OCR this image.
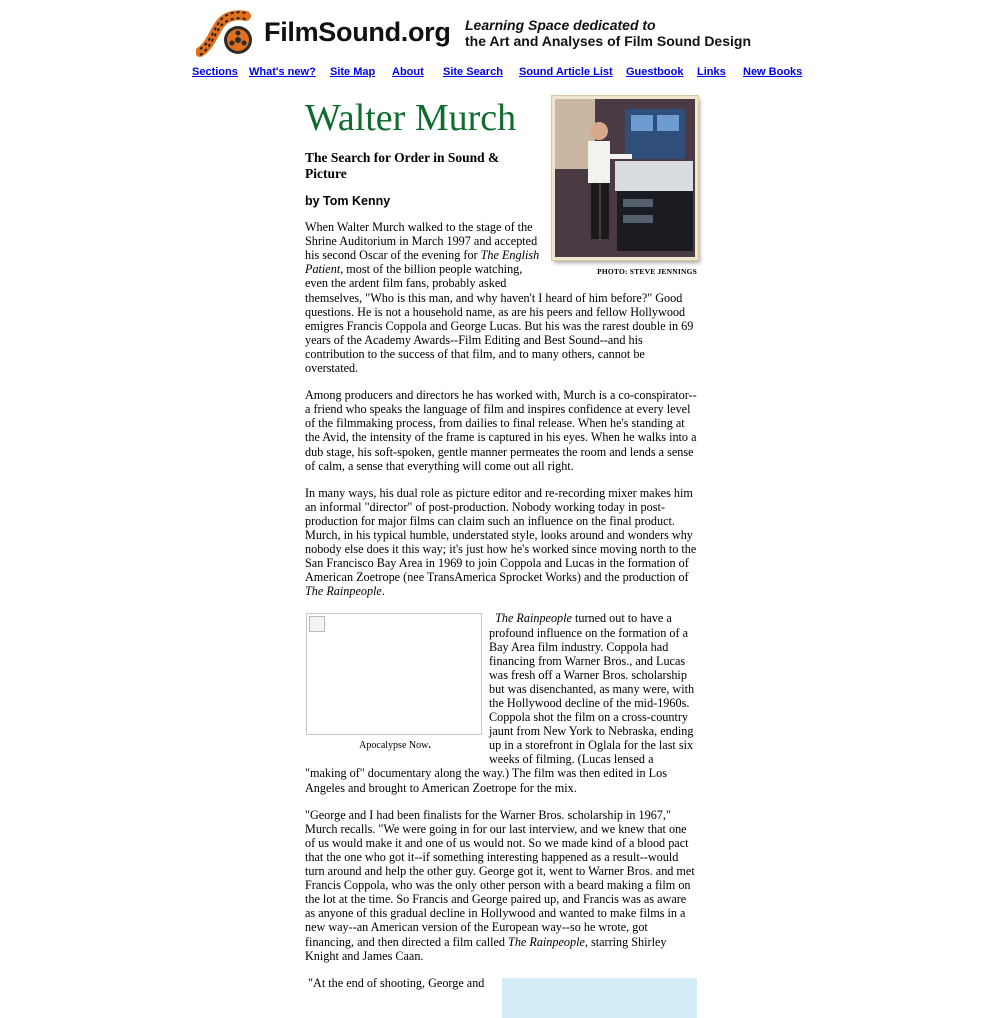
FilmSound.org Learning Space dedicated to
the Art and Analyses of Film Sound Design
Sections What's new? Site Map About Site Search Sound Article List Guestbook Links New Books
PHOTO: STEVE JENNINGS
Walter Murch
The Search for Order in Sound & Picture
by Tom Kenny

When Walter Murch walked to the stage of the Shrine Auditorium in March 1997 and accepted his second Oscar of the evening for The English Patient, most of the billion people watching, even the ardent film fans, probably asked themselves, "Who is this man, and why haven't I heard of him before?" Good questions. He is not a household name, as are his peers and fellow Hollywood emigres Francis Coppola and George Lucas. But his was the rarest double in 69 years of the Academy Awards--Film Editing and Best Sound--and his contribution to the success of that film, and to many others, cannot be overstated.

Among producers and directors he has worked with, Murch is a co-conspirator--a friend who speaks the language of film and inspires confidence at every level of the filmmaking process, from dailies to final release. When he's standing at the Avid, the intensity of the frame is captured in his eyes. When he walks into a dub stage, his soft-spoken, gentle manner permeates the room and lends a sense of calm, a sense that everything will come out all right.

In many ways, his dual role as picture editor and re-recording mixer makes him an informal "director" of post-production. Nobody working today in post-production for major films can claim such an influence on the final product. Murch, in his typical humble, understated style, looks around and wonders why nobody else does it this way; it's just how he's worked since moving north to the San Francisco Bay Area in 1969 to join Coppola and Lucas in the formation of American Zoetrope (nee TransAmerica Sprocket Works) and the production of The Rainpeople.

Apocalypse Now.
The Rainpeople turned out to have a profound influence on the formation of a Bay Area film industry. Coppola had financing from Warner Bros., and Lucas was fresh off a Warner Bros. scholarship but was disenchanted, as many were, with the Hollywood decline of the mid-1960s. Coppola shot the film on a cross-country jaunt from New York to Nebraska, ending up in a storefront in Oglala for the last six weeks of filming. (Lucas lensed a "making of" documentary along the way.) The film was then edited in Los Angeles and brought to American Zoetrope for the mix.

"George and I had been finalists for the Warner Bros. scholarship in 1967," Murch recalls. "We were going in for our last interview, and we knew that one of us would make it and one of us would not. So we made kind of a blood pact that the one who got it--if something interesting happened as a result--would turn around and help the other guy. George got it, went to Warner Bros. and met Francis Coppola, who was the only other person with a beard making a film on the lot at the time. So Francis and George paired up, and Francis was as aware as anyone of this gradual decline in Hollywood and wanted to make films in a new way--an American version of the European way--so he wrote, got financing, and then directed a film called The Rainpeople, starring Shirley Knight and James Caan.

"At the end of shooting, George and
